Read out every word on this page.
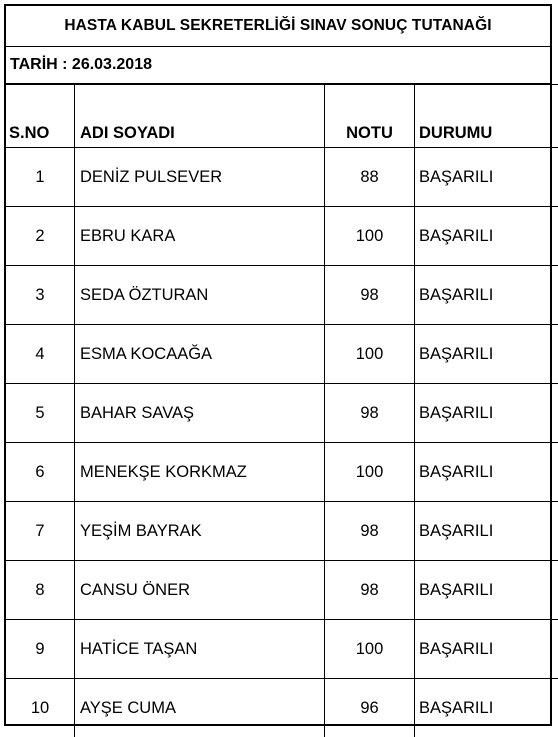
HASTA KABUL SEKRETERLİĞİ SINAV SONUÇ TUTANAĞI
TARİH : 26.03.2018
S.NO	ADI SOYADI	NOTU	DURUMU
1	DENİZ PULSEVER	88	BAŞARILI
2	EBRU KARA	100	BAŞARILI
3	SEDA ÖZTURAN	98	BAŞARILI
4	ESMA KOCAAĞA	100	BAŞARILI
5	BAHAR SAVAŞ	98	BAŞARILI
6	MENEKŞE KORKMAZ	100	BAŞARILI
7	YEŞİM BAYRAK	98	BAŞARILI
8	CANSU ÖNER	98	BAŞARILI
9	HATİCE TAŞAN	100	BAŞARILI
10	AYŞE CUMA	96	BAŞARILI
